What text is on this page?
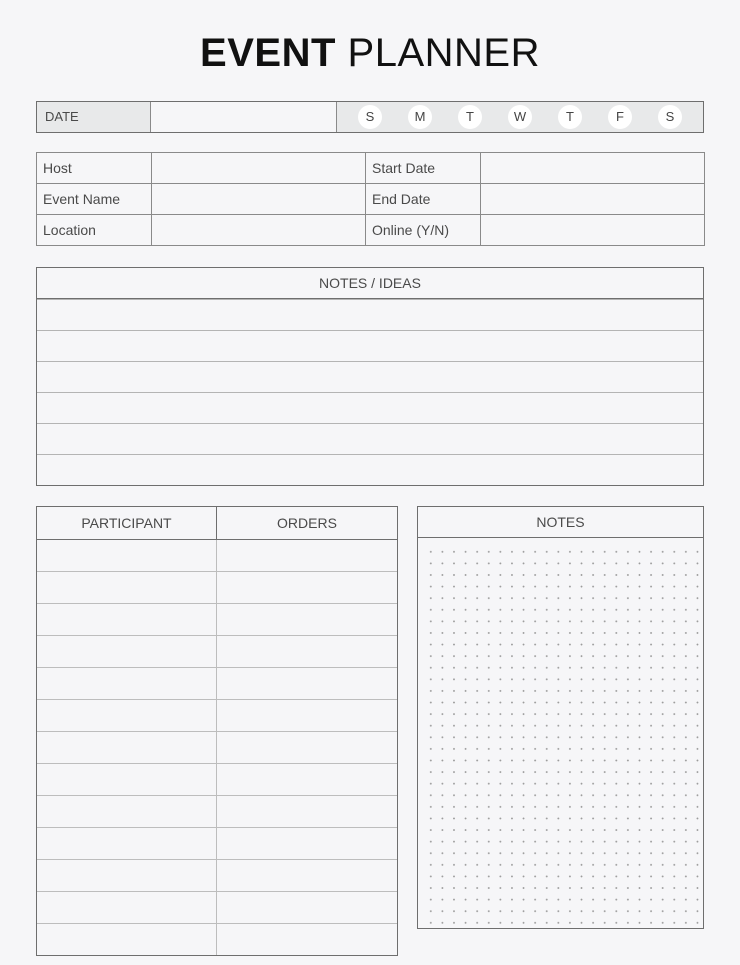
EVENT PLANNER
DATE	S	M	T	W	T	F	S
Host		Start Date	
Event Name		End Date	
Location		Online (Y/N)	
NOTES / IDEAS
PARTICIPANT	ORDERS

		NOTES
